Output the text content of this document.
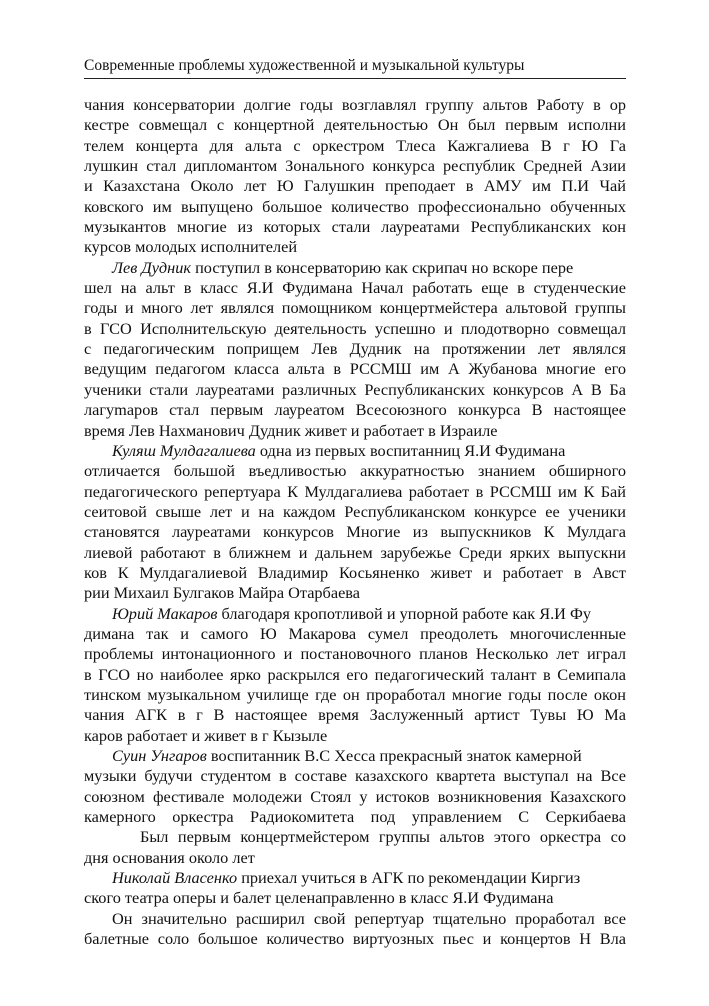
Современные проблемы художественной и музыкальной культуры
чания консерватории долгие годы возглавлял группу альтов Работу в ор
кестре совмещал с концертной деятельностью Он был первым исполни
телем концерта для альта с оркестром Тлеса Кажгалиева В г Ю Га
лушкин стал дипломантом Зонального конкурса республик Средней Азии
и Казахстана Около лет Ю Галушкин преподает в АМУ им П.И Чай
ковского им выпущено большое количество профессионально обученных
музыкантов многие из которых стали лауреатами Республиканских кон
курсов молодых исполнителей
Лев Дудник поступил в консерваторию как скрипач но вскоре пере
шел на альт в класс Я.И Фудимана Начал работать еще в студенческие
годы и много лет являлся помощником концертмейстера альтовой группы
в ГСО Исполнительскую деятельность успешно и плодотворно совмещал
с педагогическим поприщем Лев Дудник на протяжении лет являлся
ведущим педагогом класса альта в РССМШ им А Жубанова многие его
ученики стали лауреатами различных Республиканских конкурсов А В Ба
лагуmаров стал первым лауреатом Всесоюзного конкурса В настоящее
время Лев Нахманович Дудник живет и работает в Израиле
Куляш Мулдагалиева одна из первых воспитанниц Я.И Фудимана
отличается большой въедливостью аккуратностью знанием обширного
педагогического репертуара К Мулдагалиева работает в РССМШ им К Бай
сеитовой свыше лет и на каждом Республиканском конкурсе ее ученики
становятся лауреатами конкурсов Многие из выпускников К Мулдага
лиевой работают в ближнем и дальнем зарубежье Среди ярких выпускни
ков К Мулдагалиевой Владимир Косьяненко живет и работает в Авст
рии Михаил Булгаков Майра Отарбаева
Юрий Макаров благодаря кропотливой и упорной работе как Я.И Фу
димана так и самого Ю Макарова сумел преодолеть многочисленные
проблемы интонационного и постановочного планов Несколько лет играл
в ГСО но наиболее ярко раскрылся его педагогический талант в Семипала
тинском музыкальном училище где он проработал многие годы после окон
чания АГК в г В настоящее время Заслуженный артист Тувы Ю Ма
каров работает и живет в г Кызыле
Суин Унгаров воспитанник В.С Хесса прекрасный знаток камерной
музыки будучи студентом в составе казахского квартета выступал на Все
союзном фестивале молодежи Стоял у истоков возникновения Казахского
камерного оркестра Радиокомитета под управлением С Серкибаева
Был первым концертмейстером группы альтов этого оркестра со
дня основания около лет
Николай Власенко приехал учиться в АГК по рекомендации Киргиз
ского театра оперы и балет целенаправленно в класс Я.И Фудимана
Он значительно расширил свой репертуар тщательно проработал все
балетные соло большое количество виртуозных пьес и концертов Н Вла
